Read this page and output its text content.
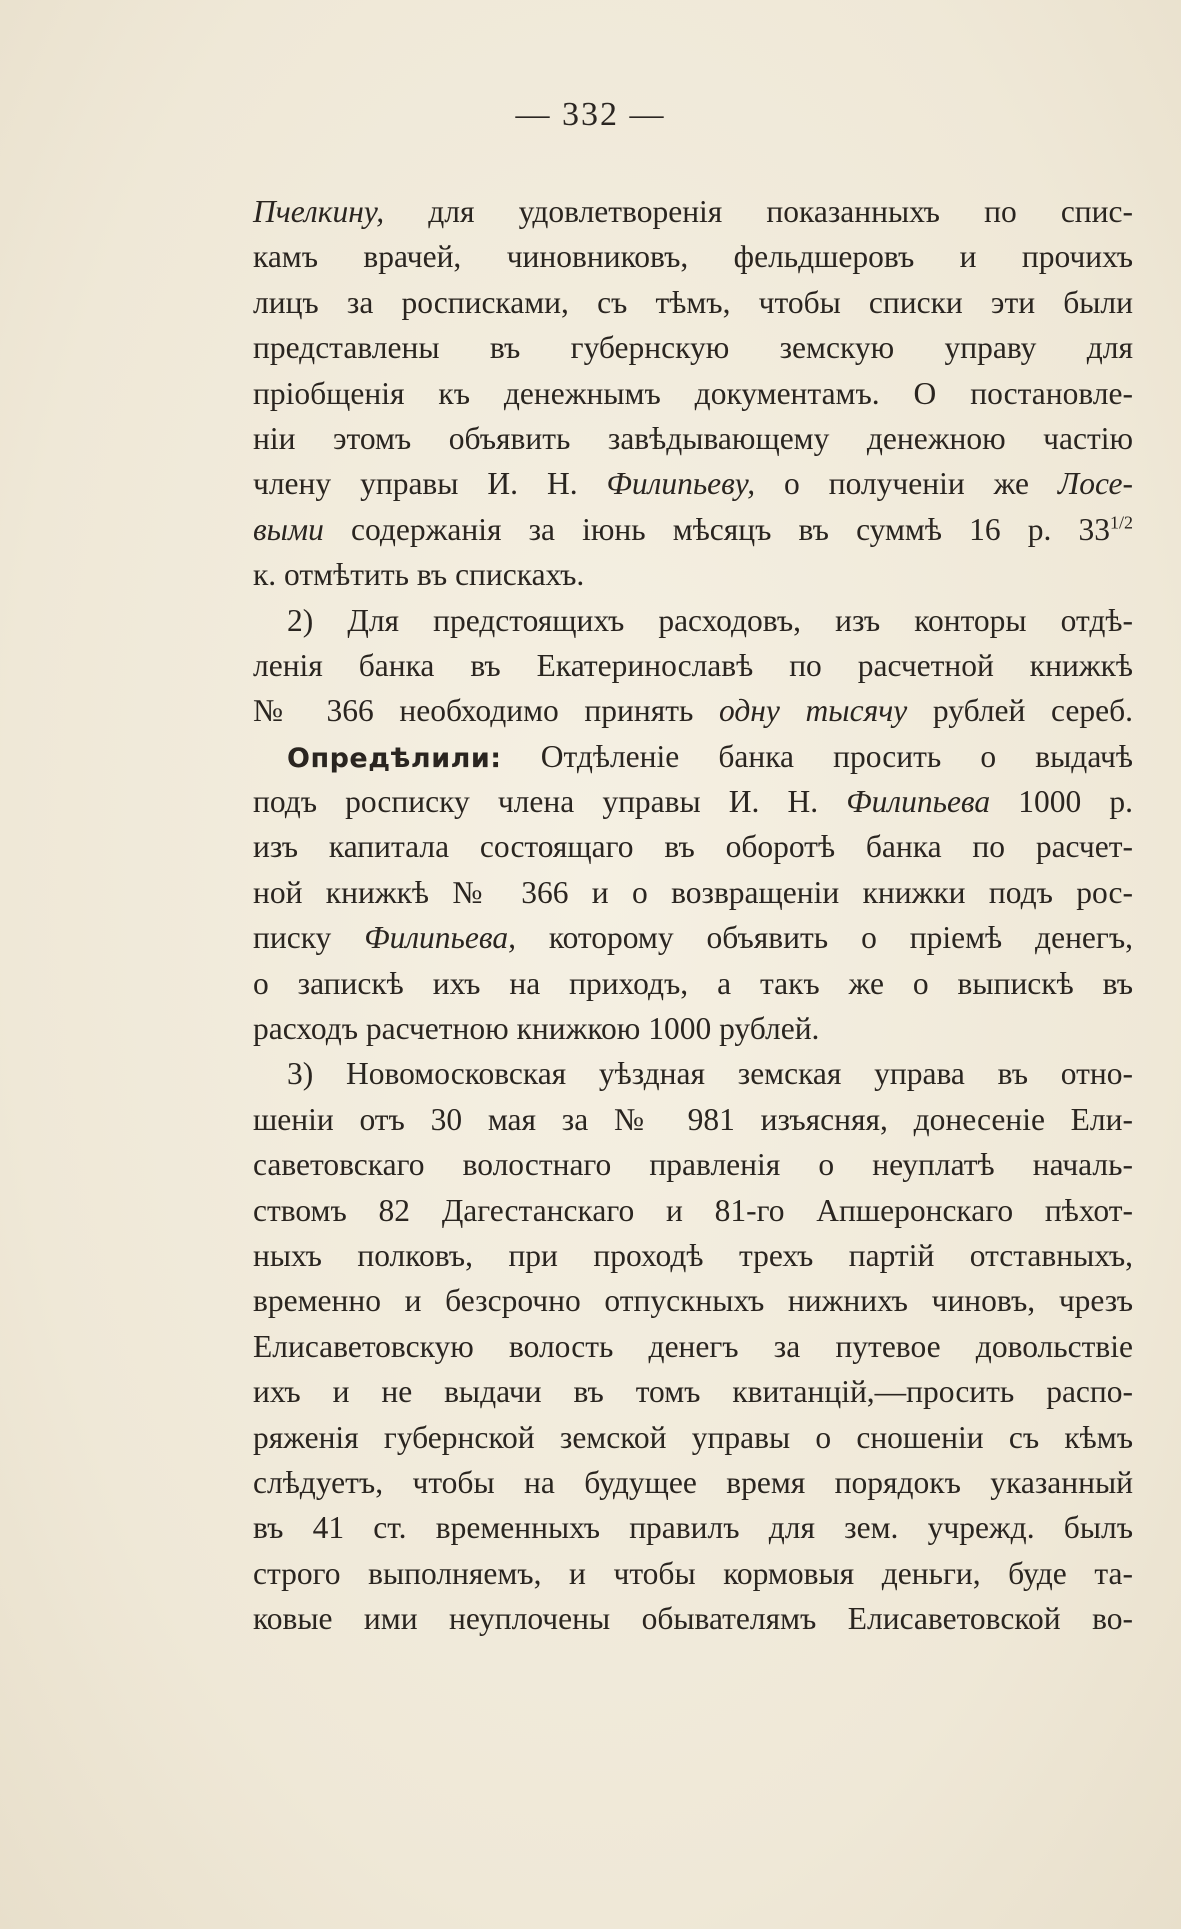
— 332 —
Пчелкину, для удовлетворенія показанныхъ по спис-
камъ врачей, чиновниковъ, фельдшеровъ и прочихъ
лицъ за росписками, съ тѣмъ, чтобы списки эти были
представлены въ губернскую земскую управу для
пріобщенія къ денежнымъ документамъ. О постановле-
ніи этомъ объявить завѣдывающему денежною частію
члену управы И. Н. Филипьеву, о полученіи же Лосе-
выми содержанія за іюнь мѣсяцъ въ суммѣ 16 р. $33^{1/2}$
к. отмѣтить въ спискахъ.
2) Для предстоящихъ расходовъ, изъ конторы отдѣ-
ленія банка въ Екатеринославѣ по расчетной книжкѣ
№ 366 необходимо принять одну тысячу рублей сереб.
Опредѣлили: Отдѣленіе банка просить о выдачѣ
подъ росписку члена управы И. Н. Филипьева 1000 р.
изъ капитала состоящаго въ оборотѣ банка по расчет-
ной книжкѣ № 366 и о возвращеніи книжки подъ рос-
писку Филипьева, которому объявить о пріемѣ денегъ,
о запискѣ ихъ на приходъ, а такъ же о выпискѣ въ
расходъ расчетною книжкою 1000 рублей.
3) Новомосковская уѣздная земская управа въ отно-
шеніи отъ 30 мая за № 981 изъясняя, донесеніе Ели-
саветовскаго волостнаго правленія о неуплатѣ началь-
ствомъ 82 Дагестанскаго и 81-го Апшеронскаго пѣхот-
ныхъ полковъ, при проходѣ трехъ партій отставныхъ,
временно и безсрочно отпускныхъ нижнихъ чиновъ, чрезъ
Елисаветовскую волость денегъ за путевое довольствіе
ихъ и не выдачи въ томъ квитанцій,—просить распо-
ряженія губернской земской управы о сношеніи съ кѣмъ
слѣдуетъ, чтобы на будущее время порядокъ указанный
въ 41 ст. временныхъ правилъ для зем. учрежд. былъ
строго выполняемъ, и чтобы кормовыя деньги, буде та-
ковые ими неуплочены обывателямъ Елисаветовской во-
